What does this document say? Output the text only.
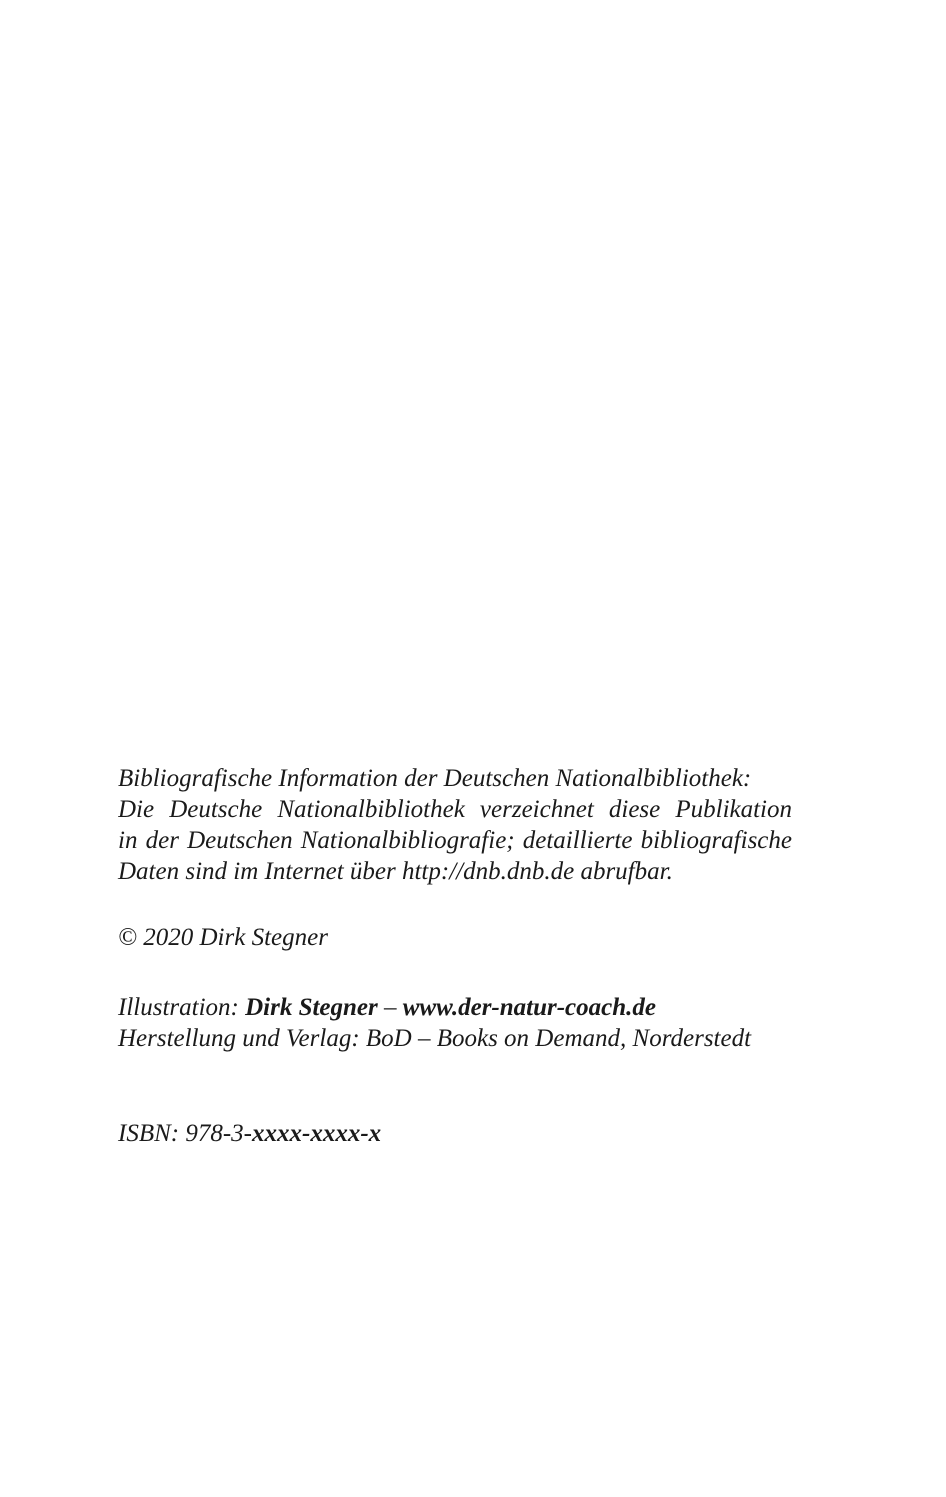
Bibliografische Information der Deutschen Nationalbibliothek:
Die Deutsche Nationalbibliothek verzeichnet diese Publikation
in der Deutschen Nationalbibliografie; detaillierte bibliografische
Daten sind im Internet über http://dnb.dnb.de abrufbar.
© 2020 Dirk Stegner
Illustration: Dirk Stegner – www.der-natur-coach.de
Herstellung und Verlag: BoD – Books on Demand, Norderstedt
ISBN: 978-3-xxxx-xxxx-x
